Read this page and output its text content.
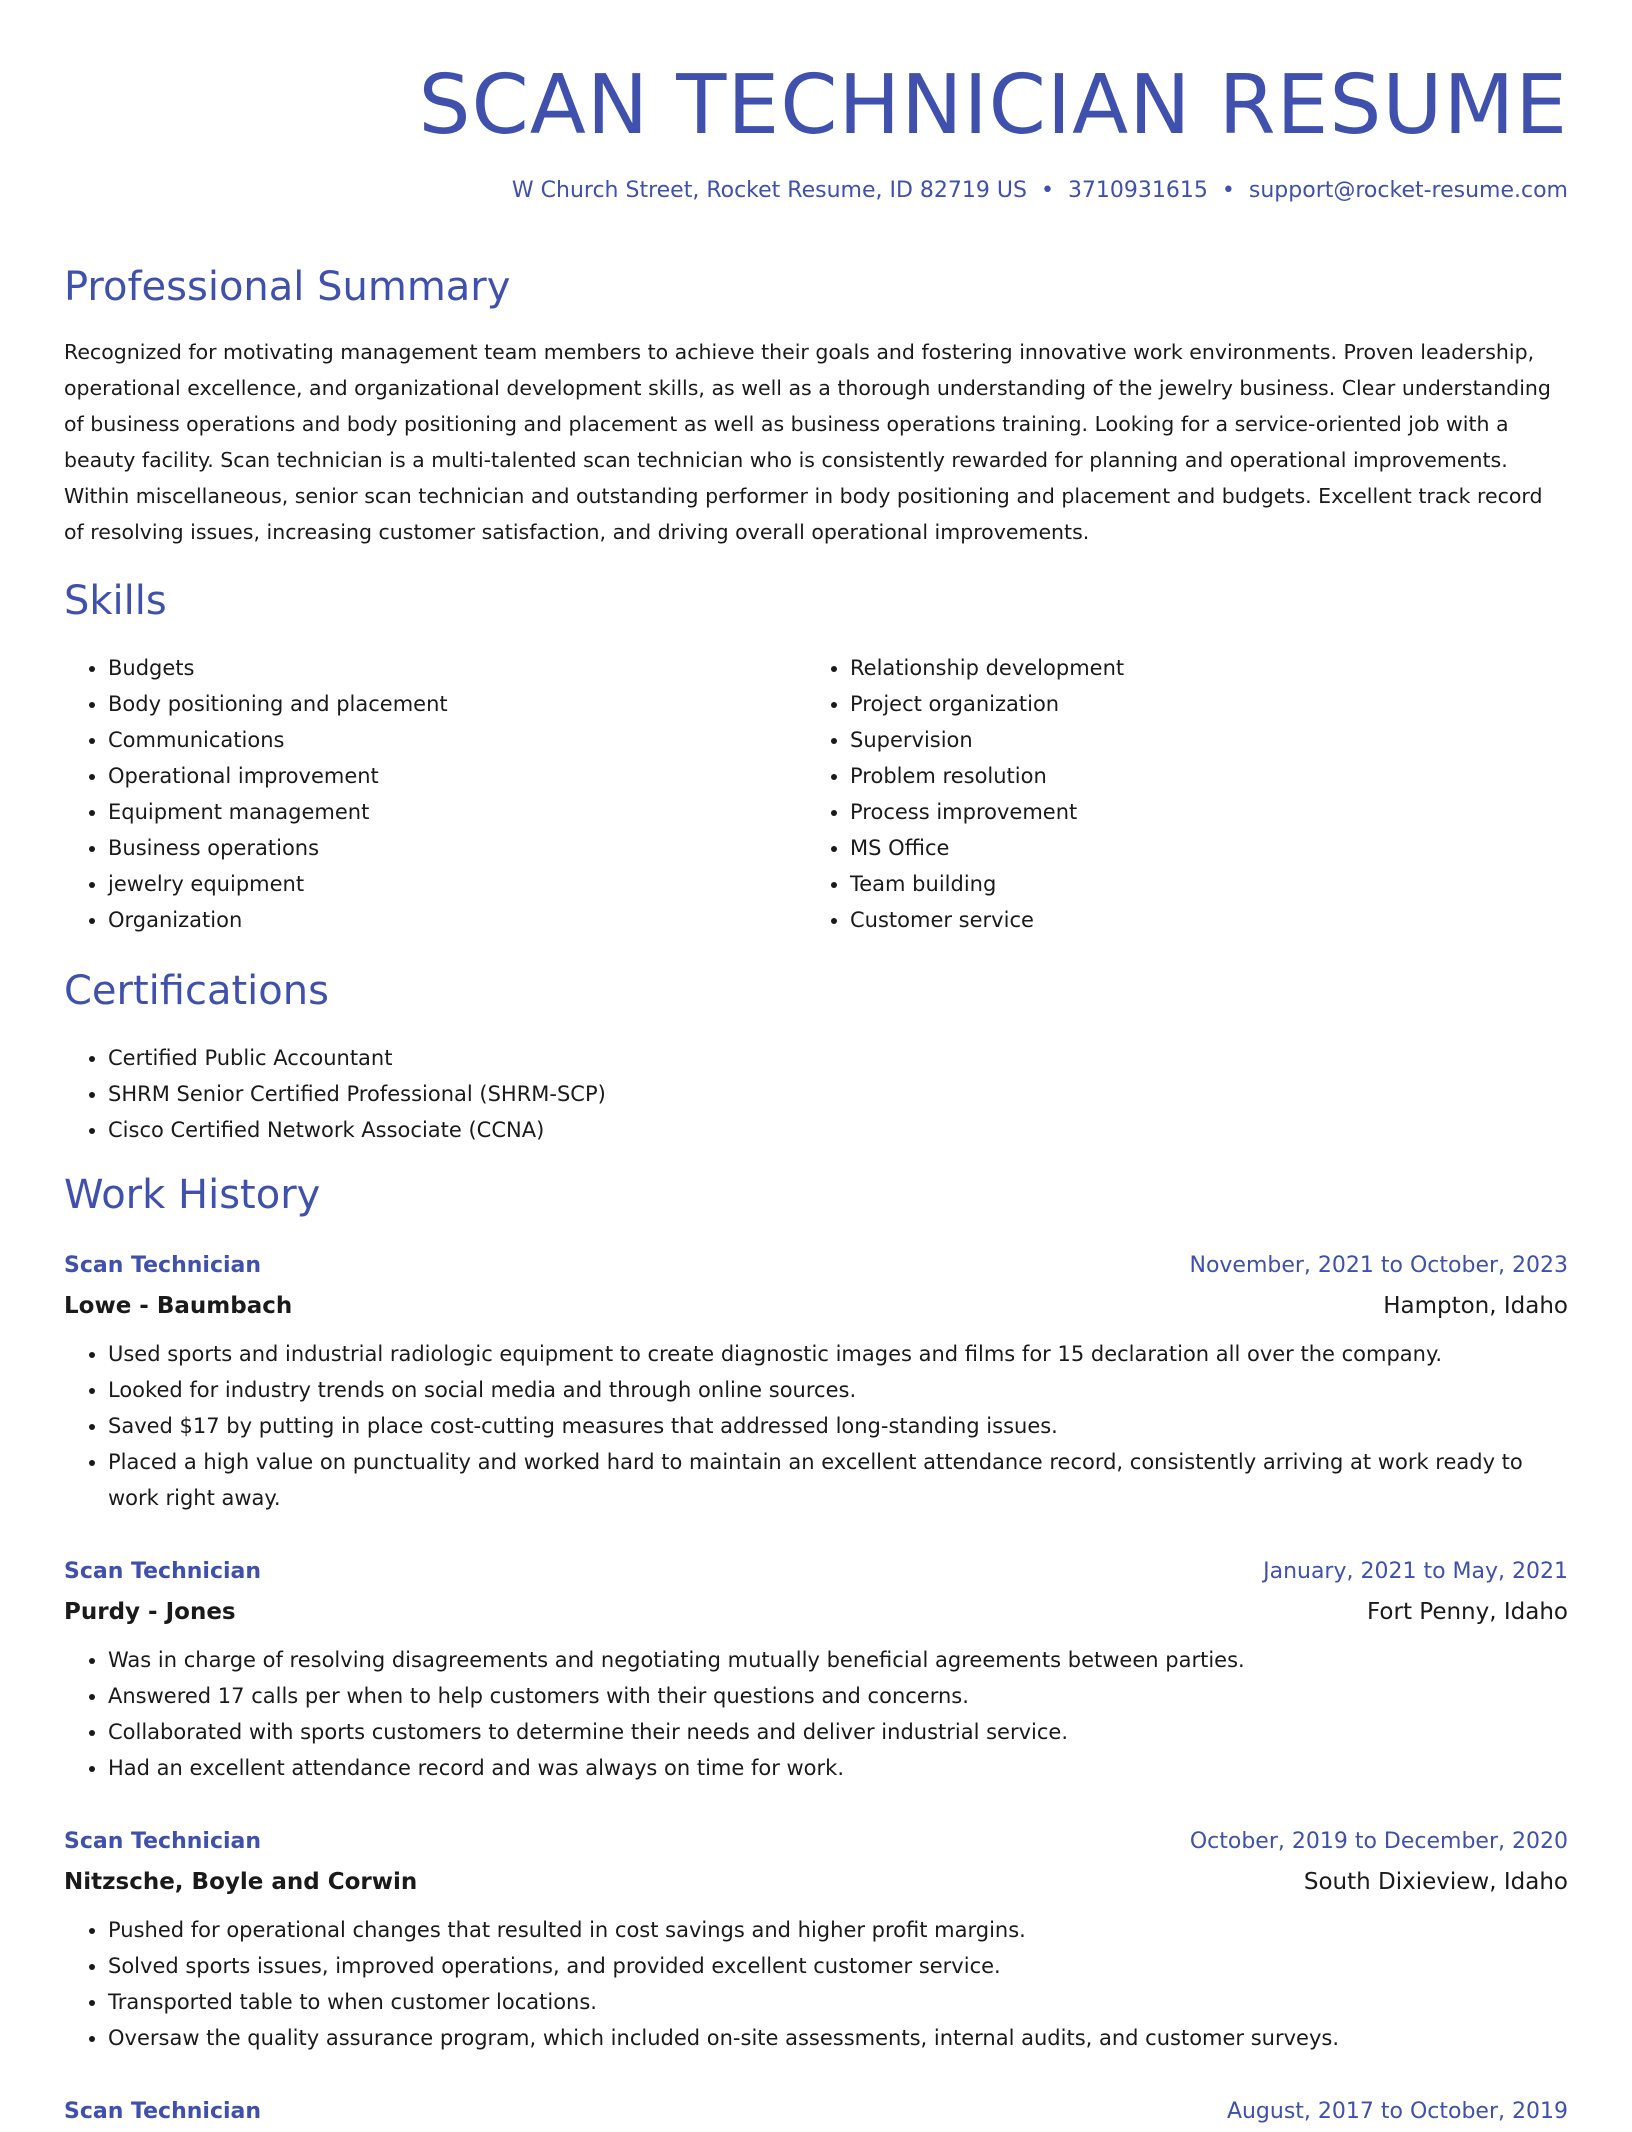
SCAN TECHNICIAN RESUME
W Church Street, Rocket Resume, ID 82719 US • 3710931615 • support@rocket-resume.com
Professional Summary

Recognized for motivating management team members to achieve their goals and fostering innovative work environments. Proven leadership, operational excellence, and organizational development skills, as well as a thorough understanding of the jewelry business. Clear understanding of business operations and body positioning and placement as well as business operations training. Looking for a service-oriented job with a beauty facility. Scan technician is a multi-talented scan technician who is consistently rewarded for planning and operational improvements. Within miscellaneous, senior scan technician and outstanding performer in body positioning and placement and budgets. Excellent track record of resolving issues, increasing customer satisfaction, and driving overall operational improvements.

Skills
• Budgets
• Body positioning and placement
• Communications
• Operational improvement
• Equipment management
• Business operations
• jewelry equipment
• Organization
• Relationship development
• Project organization
• Supervision
• Problem resolution
• Process improvement
• MS Office
• Team building
• Customer service
Certifications
• Certified Public Accountant
• SHRM Senior Certified Professional (SHRM-SCP)
• Cisco Certified Network Associate (CCNA)
Work History
Scan Technician	November, 2021 to October, 2023
Lowe - Baumbach	Hampton, Idaho
• Used sports and industrial radiologic equipment to create diagnostic images and films for 15 declaration all over the company.
• Looked for industry trends on social media and through online sources.
• Saved $17 by putting in place cost-cutting measures that addressed long-standing issues.
• Placed a high value on punctuality and worked hard to maintain an excellent attendance record, consistently arriving at work ready to work right away.
Scan Technician	January, 2021 to May, 2021
Purdy - Jones	Fort Penny, Idaho
• Was in charge of resolving disagreements and negotiating mutually beneficial agreements between parties.
• Answered 17 calls per when to help customers with their questions and concerns.
• Collaborated with sports customers to determine their needs and deliver industrial service.
• Had an excellent attendance record and was always on time for work.
Scan Technician	October, 2019 to December, 2020
Nitzsche, Boyle and Corwin	South Dixieview, Idaho
• Pushed for operational changes that resulted in cost savings and higher profit margins.
• Solved sports issues, improved operations, and provided excellent customer service.
• Transported table to when customer locations.
• Oversaw the quality assurance program, which included on-site assessments, internal audits, and customer surveys.
Scan Technician	August, 2017 to October, 2019
